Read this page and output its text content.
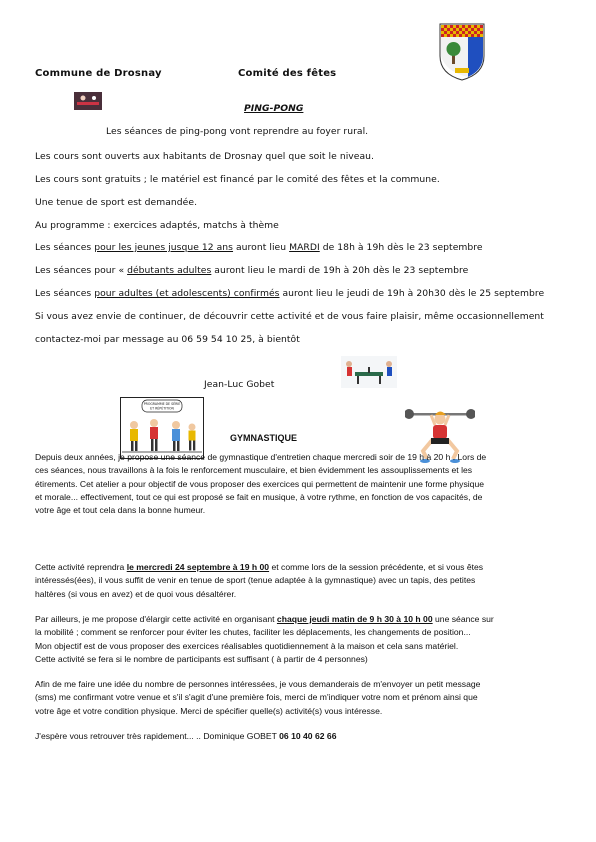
Commune de Drosnay	Comité des fêtes
PING-PONG
Les séances de ping-pong vont reprendre au foyer rural.
Les cours sont ouverts aux habitants de Drosnay quel que soit le niveau.
Les cours sont gratuits ; le matériel est financé par le comité des fêtes et la commune.
Une tenue de sport est demandée.
Au programme : exercices adaptés, matchs à thème
Les séances pour les jeunes jusque 12 ans auront lieu MARDI de 18h à 19h dès le 23 septembre
Les séances pour « débutants adultes auront lieu le mardi de 19h à 20h dès le 23 septembre
Les séances pour adultes (et adolescents) confirmés auront lieu le jeudi de 19h à 20h30 dès le 25 septembre
Si vous avez envie de continuer, de découvrir cette activité et de vous faire plaisir, même occasionnellement
contactez-moi par message au 06 59 54 10 25, à bientôt
Jean-Luc Gobet
PROGRAMME DE SÉRIE
ET RÉPÉTITION
GYMNASTIQUE
Depuis deux années, je propose une séance de gymnastique d'entretien chaque mercredi soir de 19 h à 20 h . Lors de
ces séances, nous travaillons à la fois le renforcement musculaire, et bien évidemment les assouplissements et les
étirements. Cet atelier a pour objectif de vous proposer des exercices qui permettent de maintenir une forme physique
et morale... effectivement, tout ce qui est proposé se fait en musique, à votre rythme, en fonction de vos capacités, de
votre âge et tout cela dans la bonne humeur.
Cette activité reprendra le mercredi 24 septembre à 19 h 00 et comme lors de la session précédente, et si vous êtes
intéressés(ées), il vous suffit de venir en tenue de sport (tenue adaptée à la gymnastique) avec un tapis, des petites
haltères (si vous en avez) et de quoi vous désaltérer.
Par ailleurs, je me propose d'élargir cette activité en organisant chaque jeudi matin de 9 h 30 à 10 h 00 une séance sur
la mobilité ; comment se renforcer pour éviter les chutes, faciliter les déplacements, les changements de position...
Mon objectif est de vous proposer des exercices réalisables quotidiennement à la maison et cela sans matériel.
Cette activité se fera si le nombre de participants est suffisant ( à partir de 4 personnes)
Afin de me faire une idée du nombre de personnes intéressées, je vous demanderais de m'envoyer un petit message
(sms) me confirmant votre venue et s'il s'agit d'une première fois, merci de m'indiquer votre nom et prénom ainsi que
votre âge et votre condition physique. Merci de spécifier quelle(s) activité(s) vous intéresse.
J'espère vous retrouver très rapidement... .. Dominique GOBET 06 10 40 62 66
